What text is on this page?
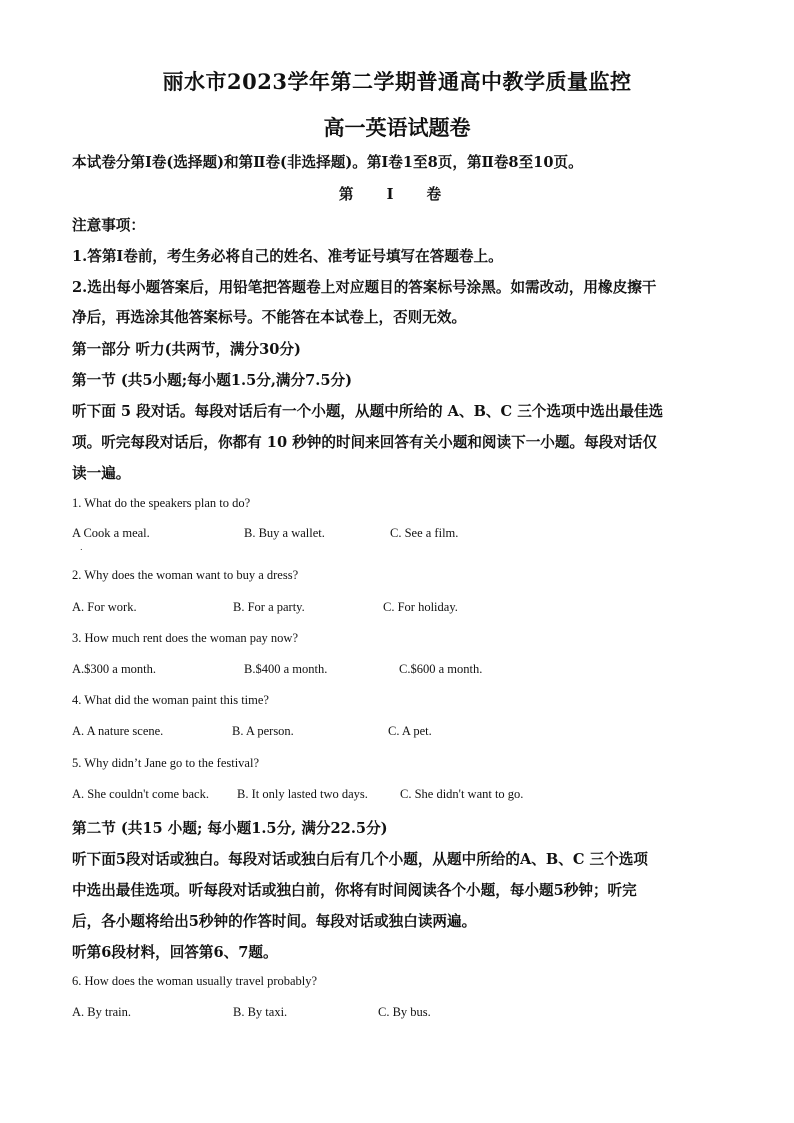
丽水市2023学年第二学期普通高中教学质量监控
高一英语试题卷
本试卷分第Ⅰ卷(选择题)和第Ⅱ卷(非选择题)。第Ⅰ卷1至8页，第Ⅱ卷8至10页。
第 Ⅰ 卷
注意事项：
1.答第Ⅰ卷前，考生务必将自己的姓名、准考证号填写在答题卷上。
2.选出每小题答案后，用铅笔把答题卷上对应题目的答案标号涂黑。如需改动，用橡皮擦干
净后，再选涂其他答案标号。不能答在本试卷上，否则无效。
第一部分 听力(共两节，满分30分)
第一节 (共5小题;每小题1.5分,满分7.5分)
听下面 5 段对话。每段对话后有一个小题，从题中所给的 A、B、C 三个选项中选出最佳选
项。听完每段对话后，你都有 10 秒钟的时间来回答有关小题和阅读下一小题。每段对话仅
读一遍。
1. What do the speakers plan to do?
A Cook a meal.
.
B. Buy a wallet.	C. See a film.
2. Why does the woman want to buy a dress?
A. For work.	B. For a party.	C. For holiday.
3. How much rent does the woman pay now?
A.$300 a month.	B.$400 a month.	C.$600 a month.
4. What did the woman paint this time?
A. A nature scene.	B. A person.	C. A pet.
5. Why didn’t Jane go to the festival?
A. She couldn't come back. B. It only lasted two days.	C. She didn't want to go.
第二节 (共15 小题; 每小题1.5分, 满分22.5分)
听下面5段对话或独白。每段对话或独白后有几个小题，从题中所给的A、B、C 三个选项
中选出最佳选项。听每段对话或独白前，你将有时间阅读各个小题，每小题5秒钟；听完
后，各小题将给出5秒钟的作答时间。每段对话或独白读两遍。
听第6段材料，回答第6、7题。
6. How does the woman usually travel probably?
A. By train.	B. By taxi.	C. By bus.
